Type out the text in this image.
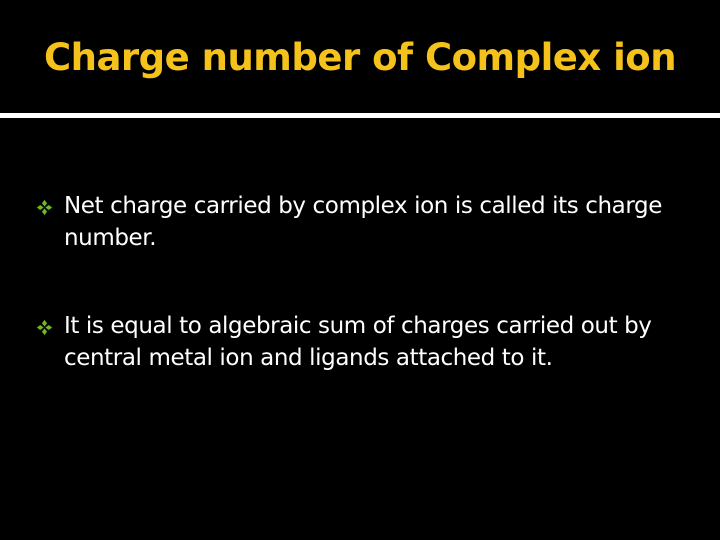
Charge number of Complex ion
Net charge carried by complex ion is called its charge number.
It is equal to algebraic sum of charges carried out by central metal ion and ligands attached to it.
